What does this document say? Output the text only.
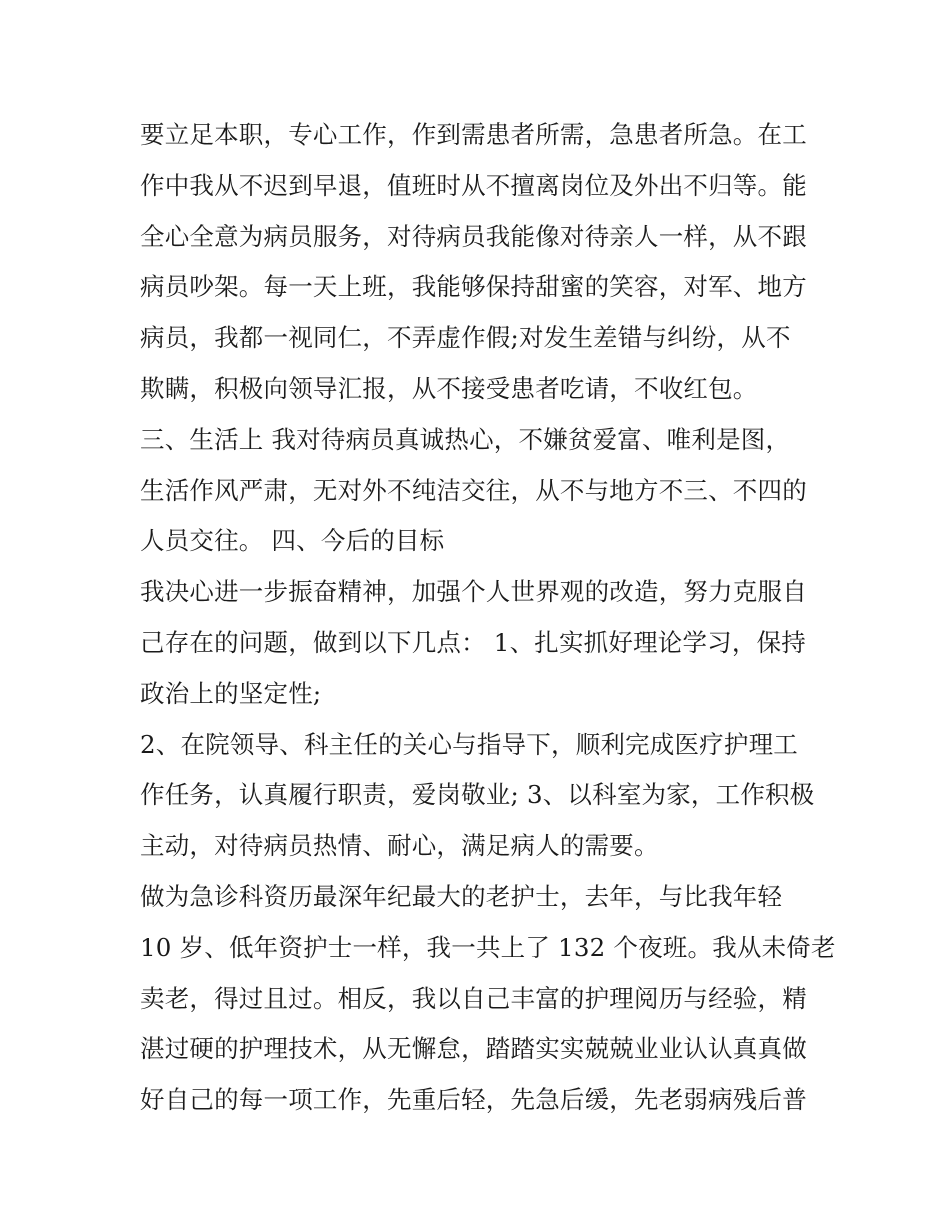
要立足本职，专心工作，作到需患者所需，急患者所急。在工
作中我从不迟到早退，值班时从不擅离岗位及外出不归等。能
全心全意为病员服务，对待病员我能像对待亲人一样，从不跟
病员吵架。每一天上班，我能够保持甜蜜的笑容，对军、地方
病员，我都一视同仁，不弄虚作假;对发生差错与纠纷，从不
欺瞒，积极向领导汇报，从不接受患者吃请，不收红包。
三、生活上 我对待病员真诚热心，不嫌贫爱富、唯利是图，
生活作风严肃，无对外不纯洁交往，从不与地方不三、不四的
人员交往。 四、今后的目标
我决心进一步振奋精神，加强个人世界观的改造，努力克服自
己存在的问题，做到以下几点： 1、扎实抓好理论学习，保持
政治上的坚定性;
2、在院领导、科主任的关心与指导下，顺利完成医疗护理工
作任务，认真履行职责，爱岗敬业; 3、以科室为家，工作积极
主动，对待病员热情、耐心，满足病人的需要。
做为急诊科资历最深年纪最大的老护士，去年，与比我年轻
10 岁、低年资护士一样，我一共上了 132 个夜班。我从未倚老
卖老，得过且过。相反，我以自己丰富的护理阅历与经验，精
湛过硬的护理技术，从无懈怠，踏踏实实兢兢业业认认真真做
好自己的每一项工作，先重后轻，先急后缓，先老弱病残后普
